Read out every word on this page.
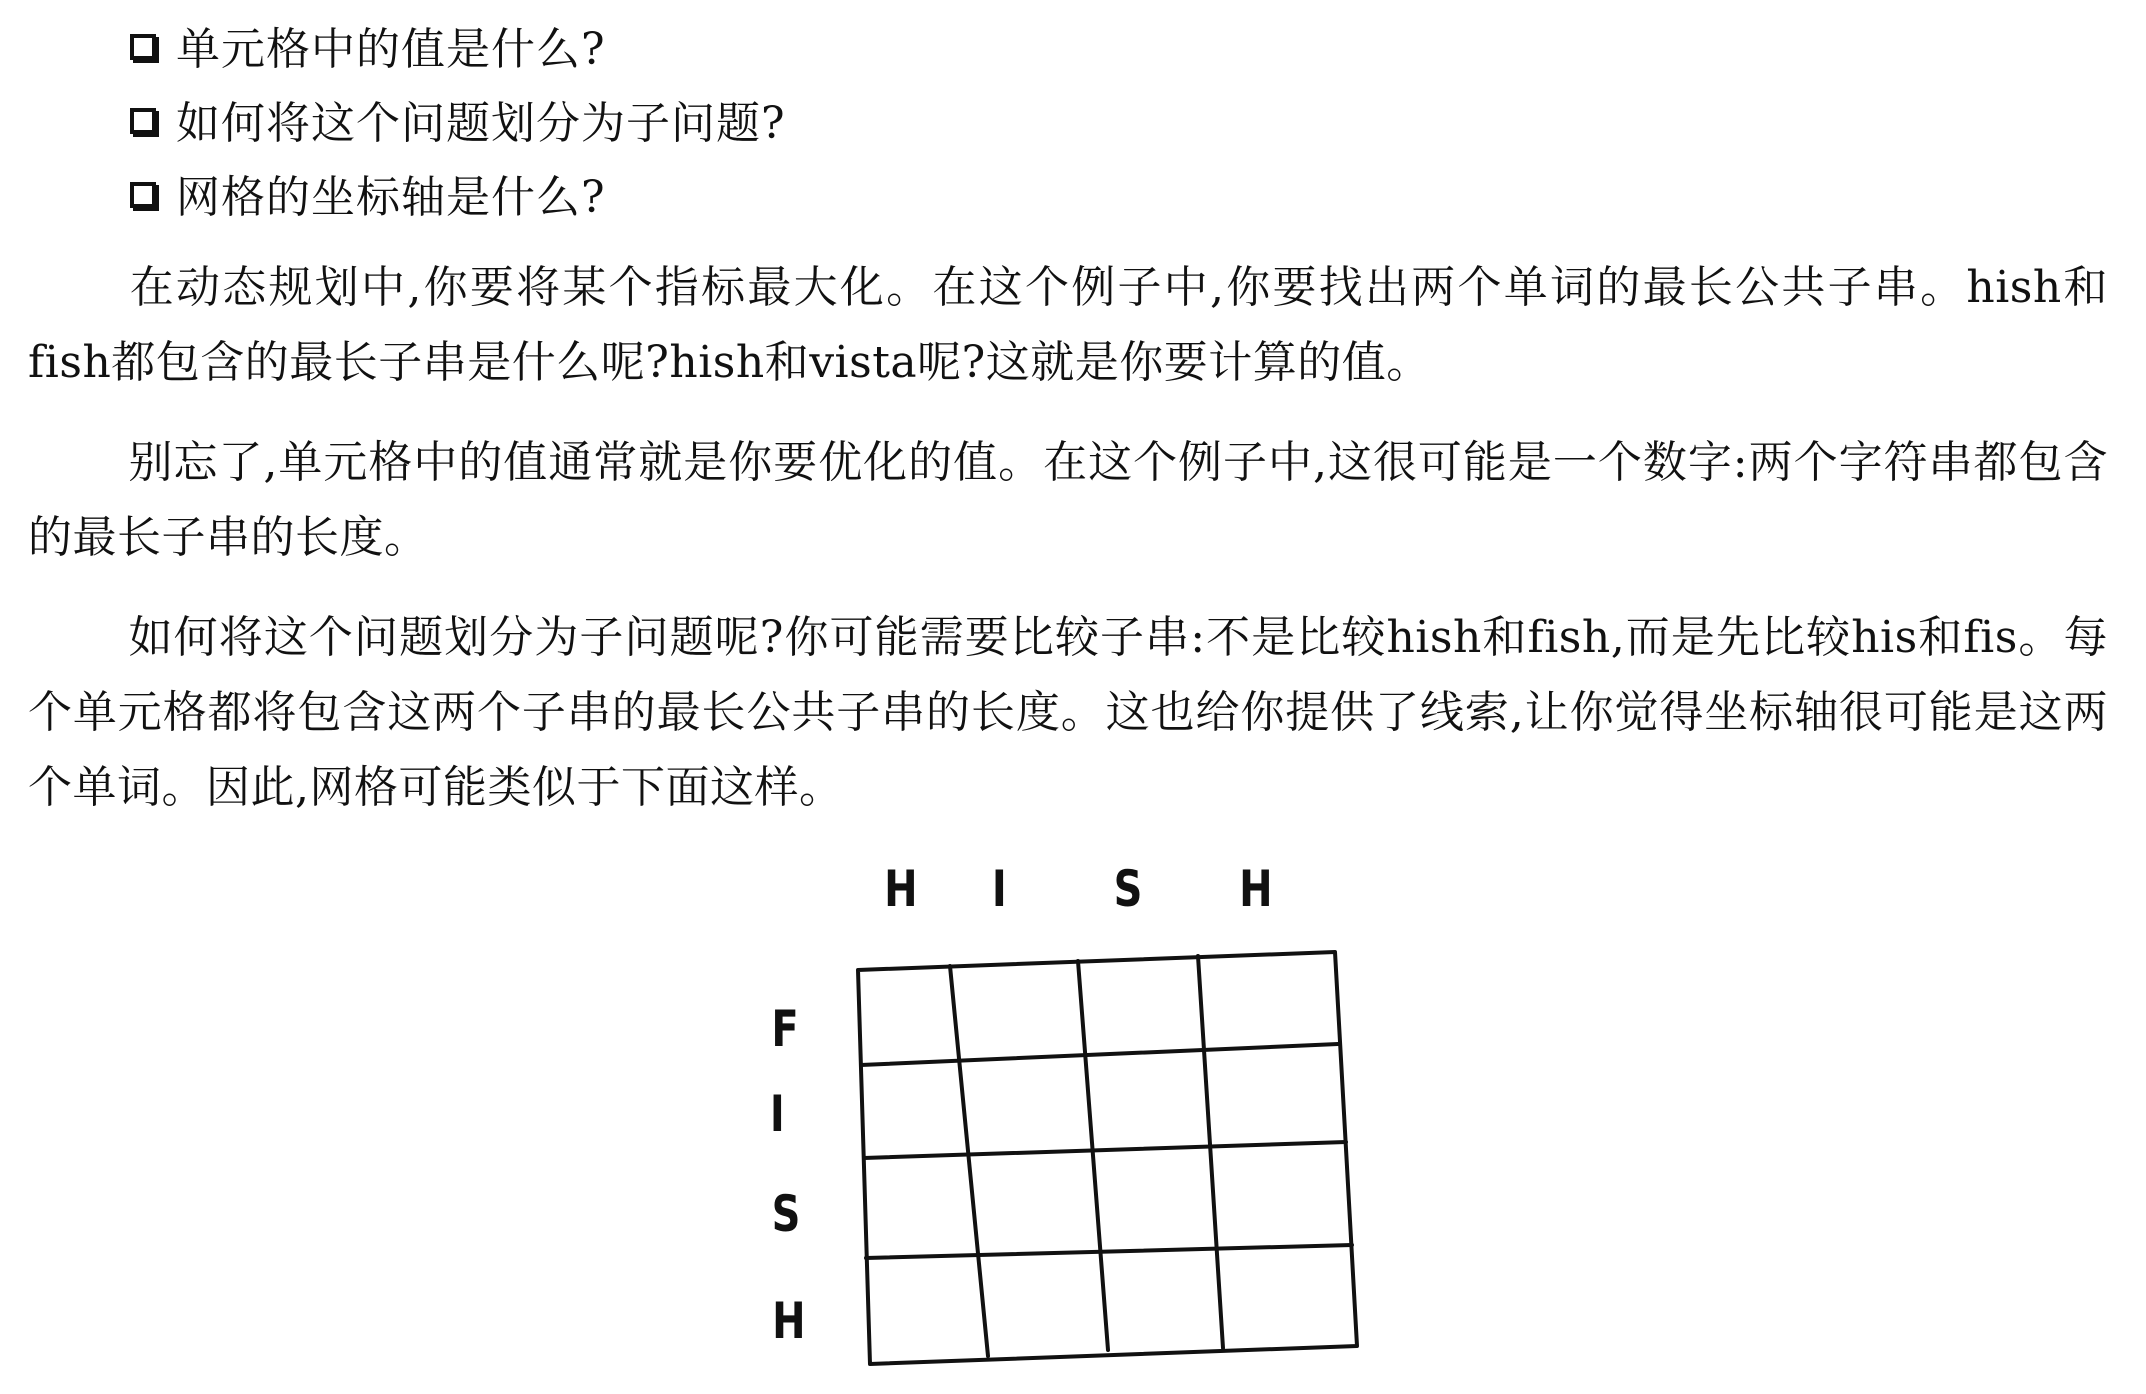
单元格中的值是什么?
如何将这个问题划分为子问题?
网格的坐标轴是什么?

在动态规划中,你要将某个指标最大化。在这个例子中,你要找出两个单词的最长公共子串。hish和fish都包含的最长子串是什么呢?hish和vista呢?这就是你要计算的值。

别忘了,单元格中的值通常就是你要优化的值。在这个例子中,这很可能是一个数字:两个字符串都包含的最长子串的长度。

如何将这个问题划分为子问题呢?你可能需要比较子串:不是比较hish和fish,而是先比较his和fis。每个单元格都将包含这两个子串的最长公共子串的长度。这也给你提供了线索,让你觉得坐标轴很可能是这两个单词。因此,网格可能类似于下面这样。

H I S H
F
I
S
H
